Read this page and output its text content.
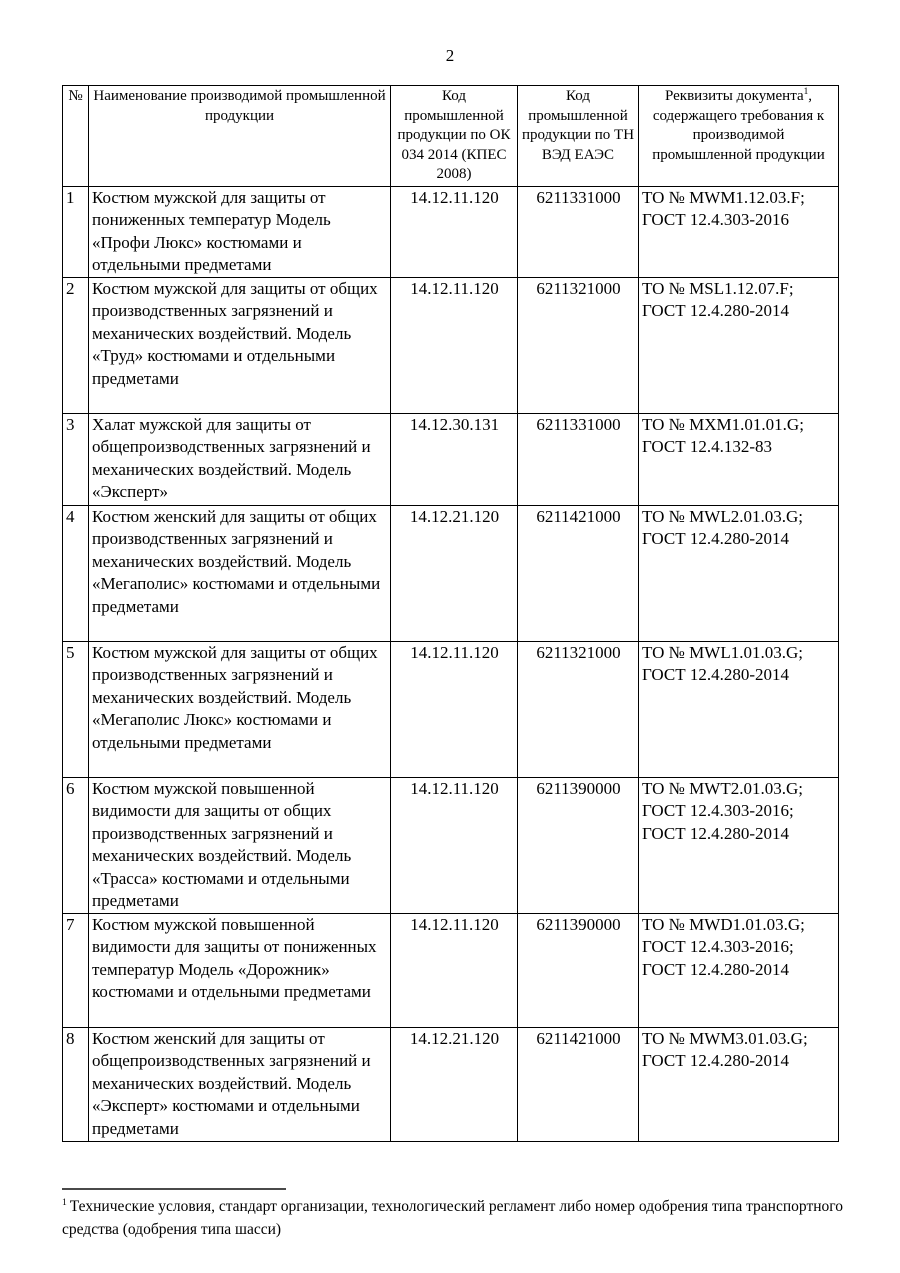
2
№	Наименование производимой промышленной продукции	Код промышленной продукции по ОК 034 2014 (КПЕС 2008)	Код промышленной продукции по ТН ВЭД ЕАЭС	Реквизиты документа$^1$, содержащего требования к производимой промышленной продукции
1	Костюм мужской для защиты от пониженных температур Модель «Профи Люкс» костюмами и отдельными предметами	14.12.11.120	6211331000	ТО № MWM1.12.03.F;
ГОСТ 12.4.303-2016

2	Костюм мужской для защиты от общих производственных загрязнений и механических воздействий. Модель «Труд» костюмами и отдельными предметами	14.12.11.120	6211321000	ТО № MSL1.12.07.F;
ГОСТ 12.4.280-2014

3	Халат мужской для защиты от общепроизводственных загрязнений и механических воздействий. Модель «Эксперт»	14.12.30.131	6211331000	ТО № MXM1.01.01.G;
ГОСТ 12.4.132-83

4	Костюм женский для защиты от общих производственных загрязнений и механических воздействий. Модель «Мегаполис» костюмами и отдельными предметами	14.12.21.120	6211421000	ТО № MWL2.01.03.G;
ГОСТ 12.4.280-2014

5	Костюм мужской для защиты от общих производственных загрязнений и механических воздействий. Модель «Мегаполис Люкс» костюмами и отдельными предметами	14.12.11.120	6211321000	ТО № MWL1.01.03.G;
ГОСТ 12.4.280-2014

6	Костюм мужской повышенной видимости для защиты от общих производственных загрязнений и механических воздействий. Модель «Трасса» костюмами и отдельными предметами	14.12.11.120	6211390000	ТО № MWT2.01.03.G;
ГОСТ 12.4.303-2016;
ГОСТ 12.4.280-2014

7	Костюм мужской повышенной видимости для защиты от пониженных температур Модель «Дорожник» костюмами и отдельными предметами	14.12.11.120	6211390000	ТО № MWD1.01.03.G;
ГОСТ 12.4.303-2016;
ГОСТ 12.4.280-2014

8	Костюм женский для защиты от общепроизводственных загрязнений и механических воздействий. Модель «Эксперт» костюмами и отдельными предметами	14.12.21.120	6211421000	ТО № MWM3.01.03.G;
ГОСТ 12.4.280-2014
$^1$ Технические условия, стандарт организации, технологический регламент либо номер одобрения типа транспортного средства (одобрения типа шасси)
